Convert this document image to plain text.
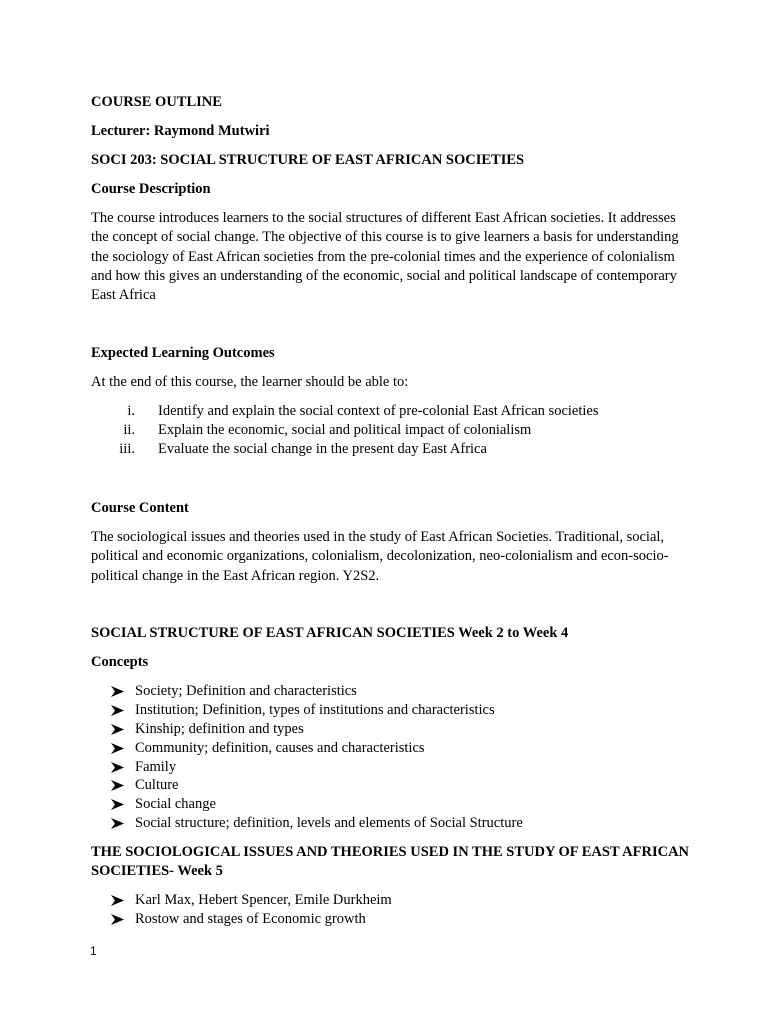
COURSE OUTLINE

Lecturer: Raymond Mutwiri

SOCI 203: SOCIAL STRUCTURE OF EAST AFRICAN SOCIETIES

Course Description

The course introduces learners to the social structures of different East African societies. It addresses the concept of social change. The objective of this course is to give learners a basis for understanding the sociology of East African societies from the pre-colonial times and the experience of colonialism and how this gives an understanding of the economic, social and political landscape of contemporary East Africa

Expected Learning Outcomes

At the end of this course, the learner should be able to:

i. Identify and explain the social context of pre-colonial East African societies
ii. Explain the economic, social and political impact of colonialism
iii. Evaluate the social change in the present day East Africa

Course Content

The sociological issues and theories used in the study of East African Societies. Traditional, social, political and economic organizations, colonialism, decolonization, neo-colonialism and econ-socio-political change in the East African region. Y2S2.

SOCIAL STRUCTURE OF EAST AFRICAN SOCIETIES Week 2 to Week 4

Concepts

Society; Definition and characteristics
Institution; Definition, types of institutions and characteristics
Kinship; definition and types
Community; definition, causes and characteristics
Family
Culture
Social change
Social structure; definition, levels and elements of Social Structure

THE SOCIOLOGICAL ISSUES AND THEORIES USED IN THE STUDY OF EAST AFRICAN SOCIETIES- Week 5

Karl Max, Hebert Spencer, Emile Durkheim
Rostow and stages of Economic growth
1
